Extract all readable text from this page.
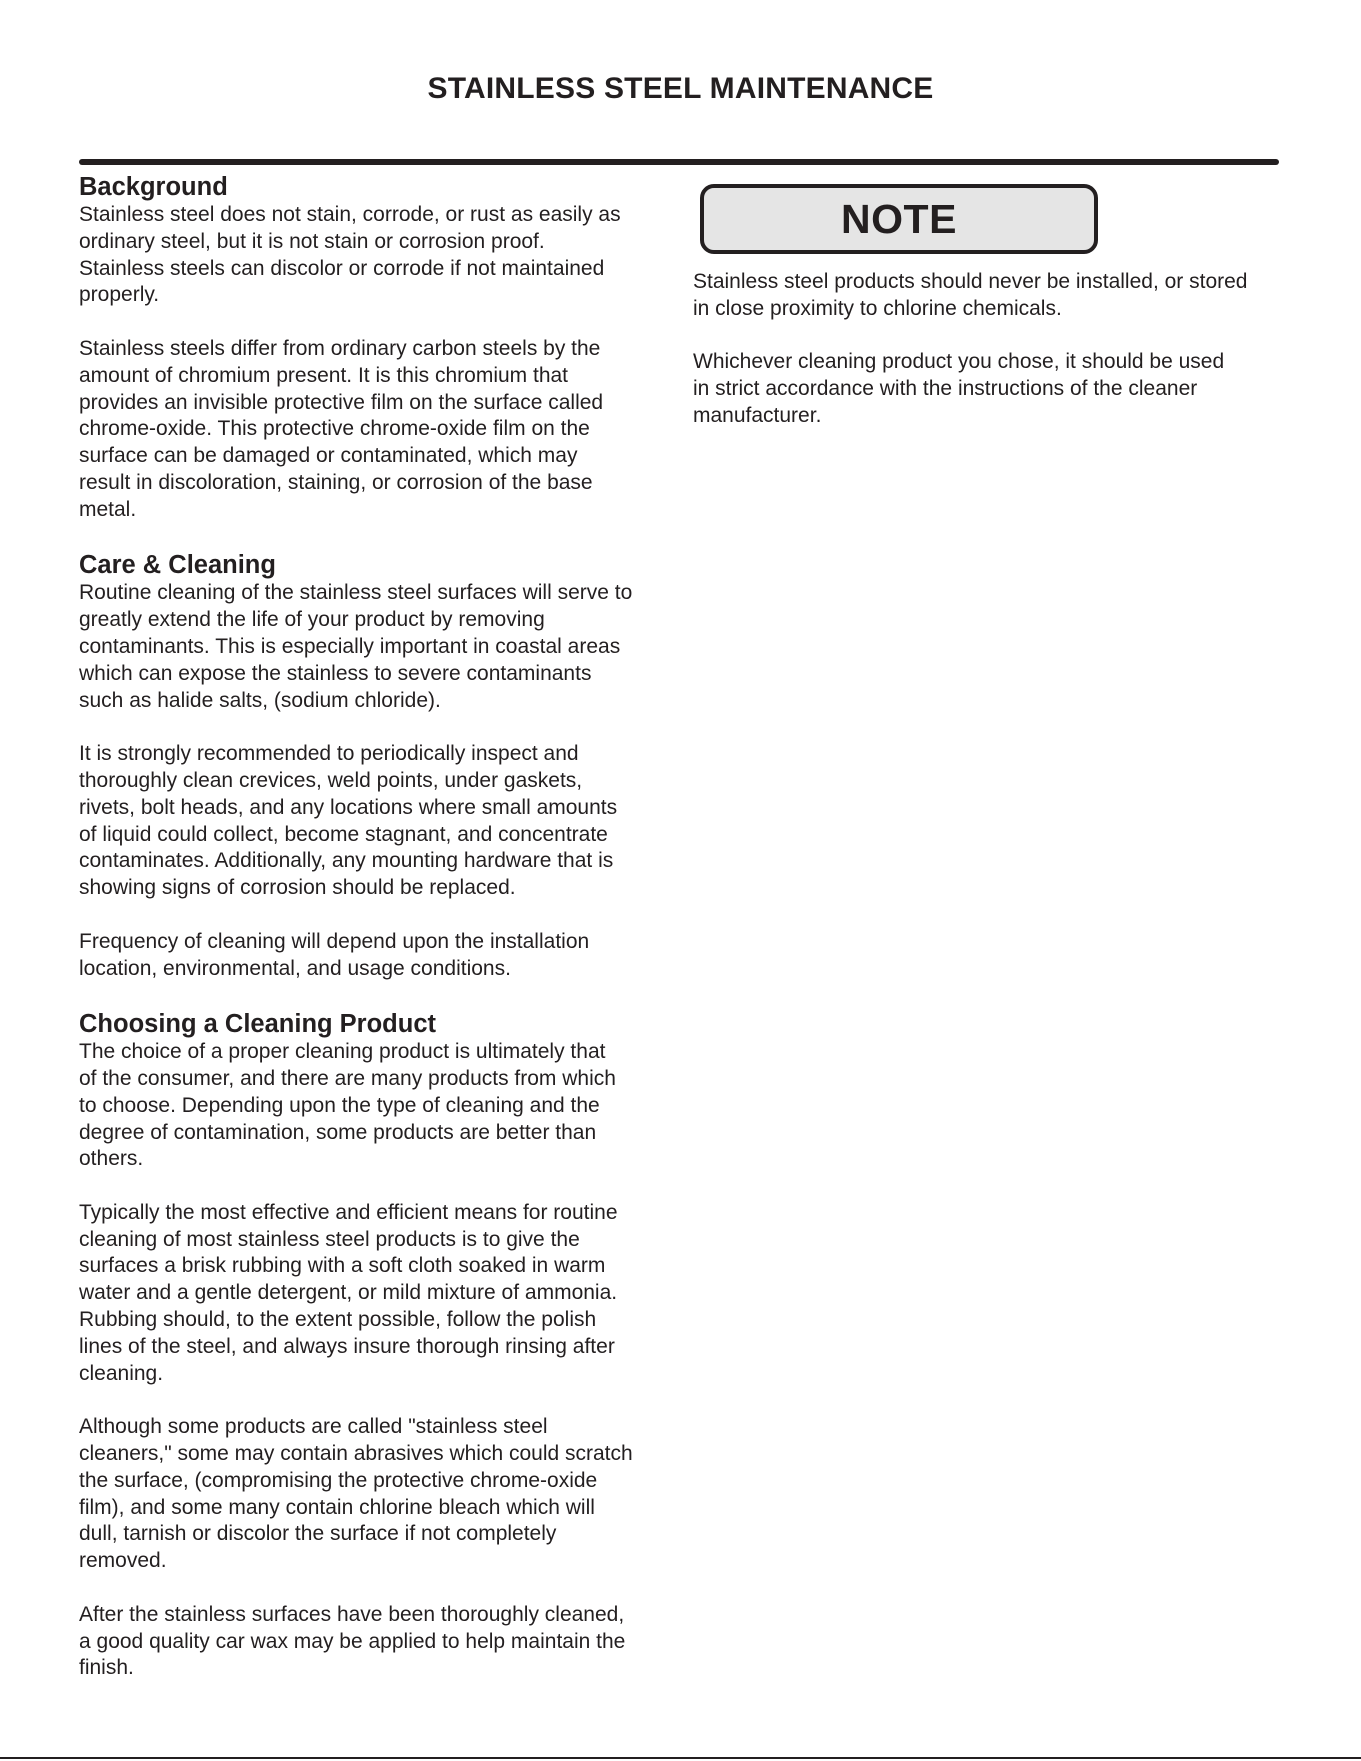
STAINLESS STEEL MAINTENANCE
Background

Stainless steel does not stain, corrode, or rust as easily as
ordinary steel, but it is not stain or corrosion proof.
Stainless steels can discolor or corrode if not maintained
properly.

Stainless steels differ from ordinary carbon steels by the
amount of chromium present. It is this chromium that
provides an invisible protective film on the surface called
chrome-oxide. This protective chrome-oxide film on the
surface can be damaged or contaminated, which may
result in discoloration, staining, or corrosion of the base
metal.

Care & Cleaning

Routine cleaning of the stainless steel surfaces will serve to
greatly extend the life of your product by removing
contaminants. This is especially important in coastal areas
which can expose the stainless to severe contaminants
such as halide salts, (sodium chloride).

It is strongly recommended to periodically inspect and
thoroughly clean crevices, weld points, under gaskets,
rivets, bolt heads, and any locations where small amounts
of liquid could collect, become stagnant, and concentrate
contaminates. Additionally, any mounting hardware that is
showing signs of corrosion should be replaced.

Frequency of cleaning will depend upon the installation
location, environmental, and usage conditions.

Choosing a Cleaning Product

The choice of a proper cleaning product is ultimately that
of the consumer, and there are many products from which
to choose. Depending upon the type of cleaning and the
degree of contamination, some products are better than
others.

Typically the most effective and efficient means for routine
cleaning of most stainless steel products is to give the
surfaces a brisk rubbing with a soft cloth soaked in warm
water and a gentle detergent, or mild mixture of ammonia.
Rubbing should, to the extent possible, follow the polish
lines of the steel, and always insure thorough rinsing after
cleaning.

Although some products are called "stainless steel
cleaners," some may contain abrasives which could scratch
the surface, (compromising the protective chrome-oxide
film), and some many contain chlorine bleach which will
dull, tarnish or discolor the surface if not completely
removed.

After the stainless surfaces have been thoroughly cleaned,
a good quality car wax may be applied to help maintain the
finish.

NOTE

Stainless steel products should never be installed, or stored
in close proximity to chlorine chemicals.

Whichever cleaning product you chose, it should be used
in strict accordance with the instructions of the cleaner
manufacturer.
